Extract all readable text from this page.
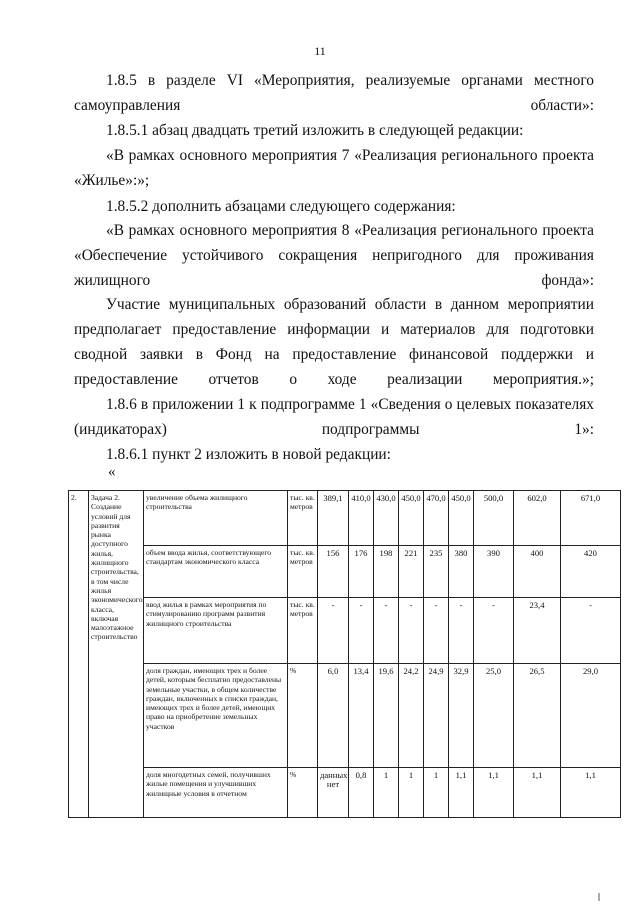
11

1.8.5 в разделе VI «Мероприятия, реализуемые органами местного самоуправления области»:

1.8.5.1 абзац двадцать третий изложить в следующей редакции:

«В рамках основного мероприятия 7 «Реализация регионального проекта «Жилье»:»;

1.8.5.2 дополнить абзацами следующего содержания:

«В рамках основного мероприятия 8 «Реализация регионального проекта «Обеспечение устойчивого сокращения непригодного для проживания жилищного фонда»:

Участие муниципальных образований области в данном мероприятии предполагает предоставление информации и материалов для подготовки сводной заявки в Фонд на предоставление финансовой поддержки и предоставление отчетов о ходе реализации мероприятия.»;

1.8.6 в приложении 1 к подпрограмме 1 «Сведения о целевых показателях (индикаторах) подпрограммы 1»:

1.8.6.1 пункт 2 изложить в новой редакции:

«
2.	Задача 2. Создание условий для развития рынка доступного жилья, жилищного строительства, в том числе жилья экономического класса, включая малоэтажное строительство	увеличение объема жилищного строительства	тыс. кв. метров	389,1	410,0	430,0	450,0	470,0	450,0	500,0	602,0	671,0
		объем ввода жилья, соответствующего стандартам экономического класса	тыс. кв. метров	156	176	198	221	235	380	390	400	420
		ввод жилья в рамках мероприятия по стимулированию программ развития жилищного строительства	тыс. кв. метров	-	-	-	-	-	-	-	23,4	-
		доля граждан, имеющих трех и более детей, которым бесплатно предоставлены земельные участки, в общем количестве граждан, включенных в списки граждан, имеющих трех и более детей, имеющих право на приобретение земельных участков	%	6,0	13,4	19,6	24,2	24,9	32,9	25,0	26,5	29,0
		доля многодетных семей, получивших жилые помещения и улучшивших жилищные условия в отчетном	%	данных нет	0,8	1	1	1	1,1	1,1	1,1	1,1
